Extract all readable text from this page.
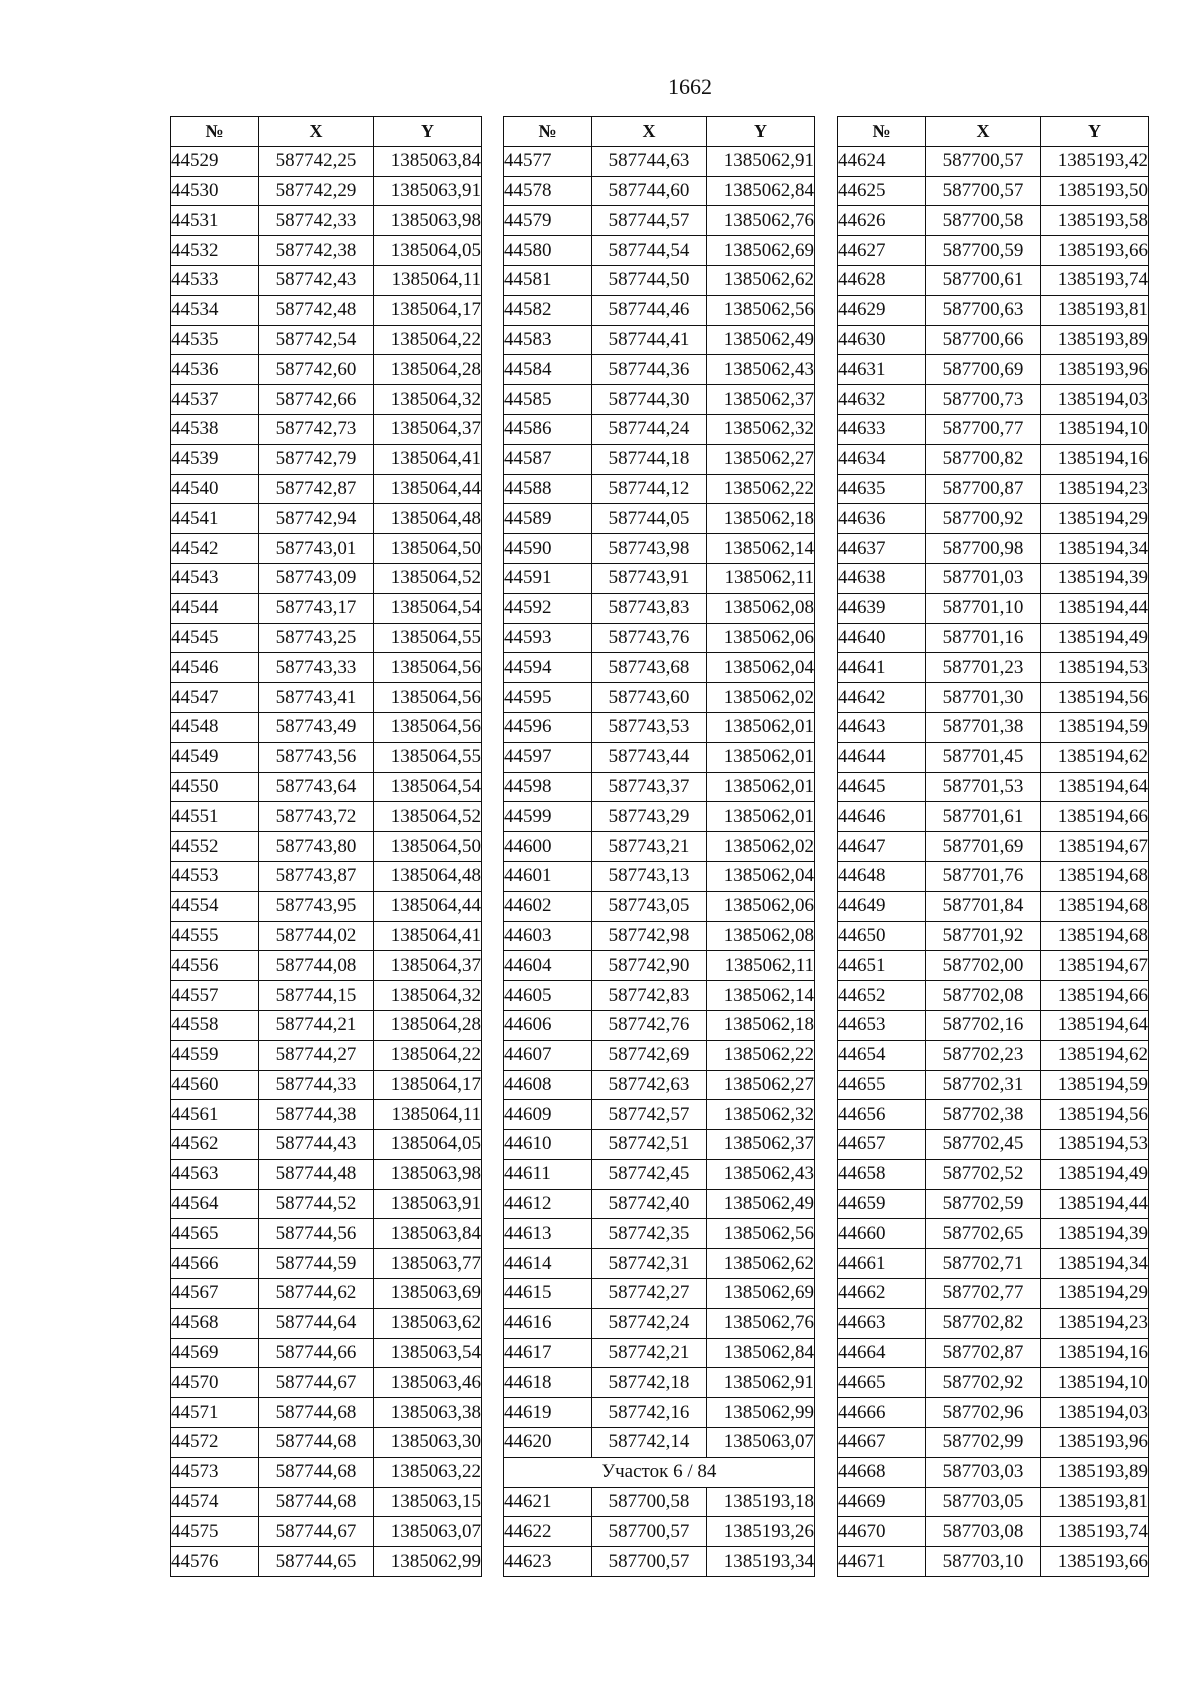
1662
№	X	Y
44529	587742,25	1385063,84
44530	587742,29	1385063,91
44531	587742,33	1385063,98
44532	587742,38	1385064,05
44533	587742,43	1385064,11
44534	587742,48	1385064,17
44535	587742,54	1385064,22
44536	587742,60	1385064,28
44537	587742,66	1385064,32
44538	587742,73	1385064,37
44539	587742,79	1385064,41
44540	587742,87	1385064,44
44541	587742,94	1385064,48
44542	587743,01	1385064,50
44543	587743,09	1385064,52
44544	587743,17	1385064,54
44545	587743,25	1385064,55
44546	587743,33	1385064,56
44547	587743,41	1385064,56
44548	587743,49	1385064,56
44549	587743,56	1385064,55
44550	587743,64	1385064,54
44551	587743,72	1385064,52
44552	587743,80	1385064,50
44553	587743,87	1385064,48
44554	587743,95	1385064,44
44555	587744,02	1385064,41
44556	587744,08	1385064,37
44557	587744,15	1385064,32
44558	587744,21	1385064,28
44559	587744,27	1385064,22
44560	587744,33	1385064,17
44561	587744,38	1385064,11
44562	587744,43	1385064,05
44563	587744,48	1385063,98
44564	587744,52	1385063,91
44565	587744,56	1385063,84
44566	587744,59	1385063,77
44567	587744,62	1385063,69
44568	587744,64	1385063,62
44569	587744,66	1385063,54
44570	587744,67	1385063,46
44571	587744,68	1385063,38
44572	587744,68	1385063,30
44573	587744,68	1385063,22
44574	587744,68	1385063,15
44575	587744,67	1385063,07
44576	587744,65	1385062,99
№	X	Y
44577	587744,63	1385062,91
44578	587744,60	1385062,84
44579	587744,57	1385062,76
44580	587744,54	1385062,69
44581	587744,50	1385062,62
44582	587744,46	1385062,56
44583	587744,41	1385062,49
44584	587744,36	1385062,43
44585	587744,30	1385062,37
44586	587744,24	1385062,32
44587	587744,18	1385062,27
44588	587744,12	1385062,22
44589	587744,05	1385062,18
44590	587743,98	1385062,14
44591	587743,91	1385062,11
44592	587743,83	1385062,08
44593	587743,76	1385062,06
44594	587743,68	1385062,04
44595	587743,60	1385062,02
44596	587743,53	1385062,01
44597	587743,44	1385062,01
44598	587743,37	1385062,01
44599	587743,29	1385062,01
44600	587743,21	1385062,02
44601	587743,13	1385062,04
44602	587743,05	1385062,06
44603	587742,98	1385062,08
44604	587742,90	1385062,11
44605	587742,83	1385062,14
44606	587742,76	1385062,18
44607	587742,69	1385062,22
44608	587742,63	1385062,27
44609	587742,57	1385062,32
44610	587742,51	1385062,37
44611	587742,45	1385062,43
44612	587742,40	1385062,49
44613	587742,35	1385062,56
44614	587742,31	1385062,62
44615	587742,27	1385062,69
44616	587742,24	1385062,76
44617	587742,21	1385062,84
44618	587742,18	1385062,91
44619	587742,16	1385062,99
44620	587742,14	1385063,07
Участок 6 / 84		
44621	587700,58	1385193,18
44622	587700,57	1385193,26
44623	587700,57	1385193,34
№	X	Y
44624	587700,57	1385193,42
44625	587700,57	1385193,50
44626	587700,58	1385193,58
44627	587700,59	1385193,66
44628	587700,61	1385193,74
44629	587700,63	1385193,81
44630	587700,66	1385193,89
44631	587700,69	1385193,96
44632	587700,73	1385194,03
44633	587700,77	1385194,10
44634	587700,82	1385194,16
44635	587700,87	1385194,23
44636	587700,92	1385194,29
44637	587700,98	1385194,34
44638	587701,03	1385194,39
44639	587701,10	1385194,44
44640	587701,16	1385194,49
44641	587701,23	1385194,53
44642	587701,30	1385194,56
44643	587701,38	1385194,59
44644	587701,45	1385194,62
44645	587701,53	1385194,64
44646	587701,61	1385194,66
44647	587701,69	1385194,67
44648	587701,76	1385194,68
44649	587701,84	1385194,68
44650	587701,92	1385194,68
44651	587702,00	1385194,67
44652	587702,08	1385194,66
44653	587702,16	1385194,64
44654	587702,23	1385194,62
44655	587702,31	1385194,59
44656	587702,38	1385194,56
44657	587702,45	1385194,53
44658	587702,52	1385194,49
44659	587702,59	1385194,44
44660	587702,65	1385194,39
44661	587702,71	1385194,34
44662	587702,77	1385194,29
44663	587702,82	1385194,23
44664	587702,87	1385194,16
44665	587702,92	1385194,10
44666	587702,96	1385194,03
44667	587702,99	1385193,96
44668	587703,03	1385193,89
44669	587703,05	1385193,81
44670	587703,08	1385193,74
44671	587703,10	1385193,66
